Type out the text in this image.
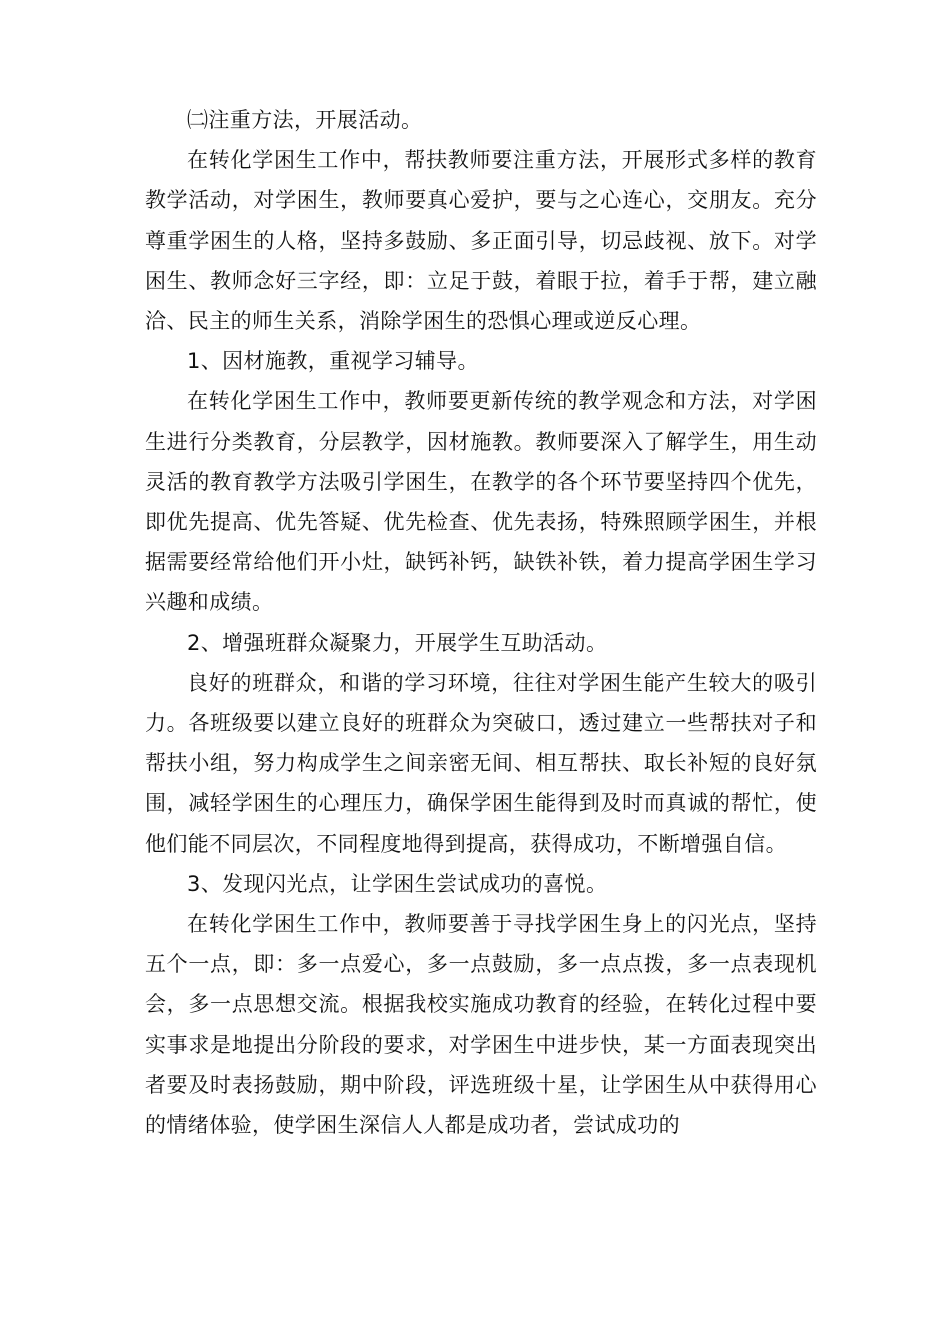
㈡注重方法，开展活动。

在转化学困生工作中，帮扶教师要注重方法，开展形式多样的教育教学活动，对学困生，教师要真心爱护，要与之心连心，交朋友。充分尊重学困生的人格，坚持多鼓励、多正面引导，切忌歧视、放下。对学困生、教师念好三字经，即：立足于鼓，着眼于拉，着手于帮，建立融洽、民主的师生关系，消除学困生的恐惧心理或逆反心理。

1、因材施教，重视学习辅导。

在转化学困生工作中，教师要更新传统的教学观念和方法，对学困生进行分类教育，分层教学，因材施教。教师要深入了解学生，用生动灵活的教育教学方法吸引学困生，在教学的各个环节要坚持四个优先，即优先提高、优先答疑、优先检查、优先表扬，特殊照顾学困生，并根据需要经常给他们开小灶，缺钙补钙，缺铁补铁，着力提高学困生学习兴趣和成绩。

2、增强班群众凝聚力，开展学生互助活动。

良好的班群众，和谐的学习环境，往往对学困生能产生较大的吸引力。各班级要以建立良好的班群众为突破口，透过建立一些帮扶对子和帮扶小组，努力构成学生之间亲密无间、相互帮扶、取长补短的良好氛围，减轻学困生的心理压力，确保学困生能得到及时而真诚的帮忙，使他们能不同层次，不同程度地得到提高，获得成功，不断增强自信。

3、发现闪光点，让学困生尝试成功的喜悦。

在转化学困生工作中，教师要善于寻找学困生身上的闪光点，坚持五个一点，即：多一点爱心，多一点鼓励，多一点点拨，多一点表现机会，多一点思想交流。根据我校实施成功教育的经验，在转化过程中要实事求是地提出分阶段的要求，对学困生中进步快，某一方面表现突出者要及时表扬鼓励，期中阶段，评选班级十星，让学困生从中获得用心的情绪体验，使学困生深信人人都是成功者，尝试成功的
